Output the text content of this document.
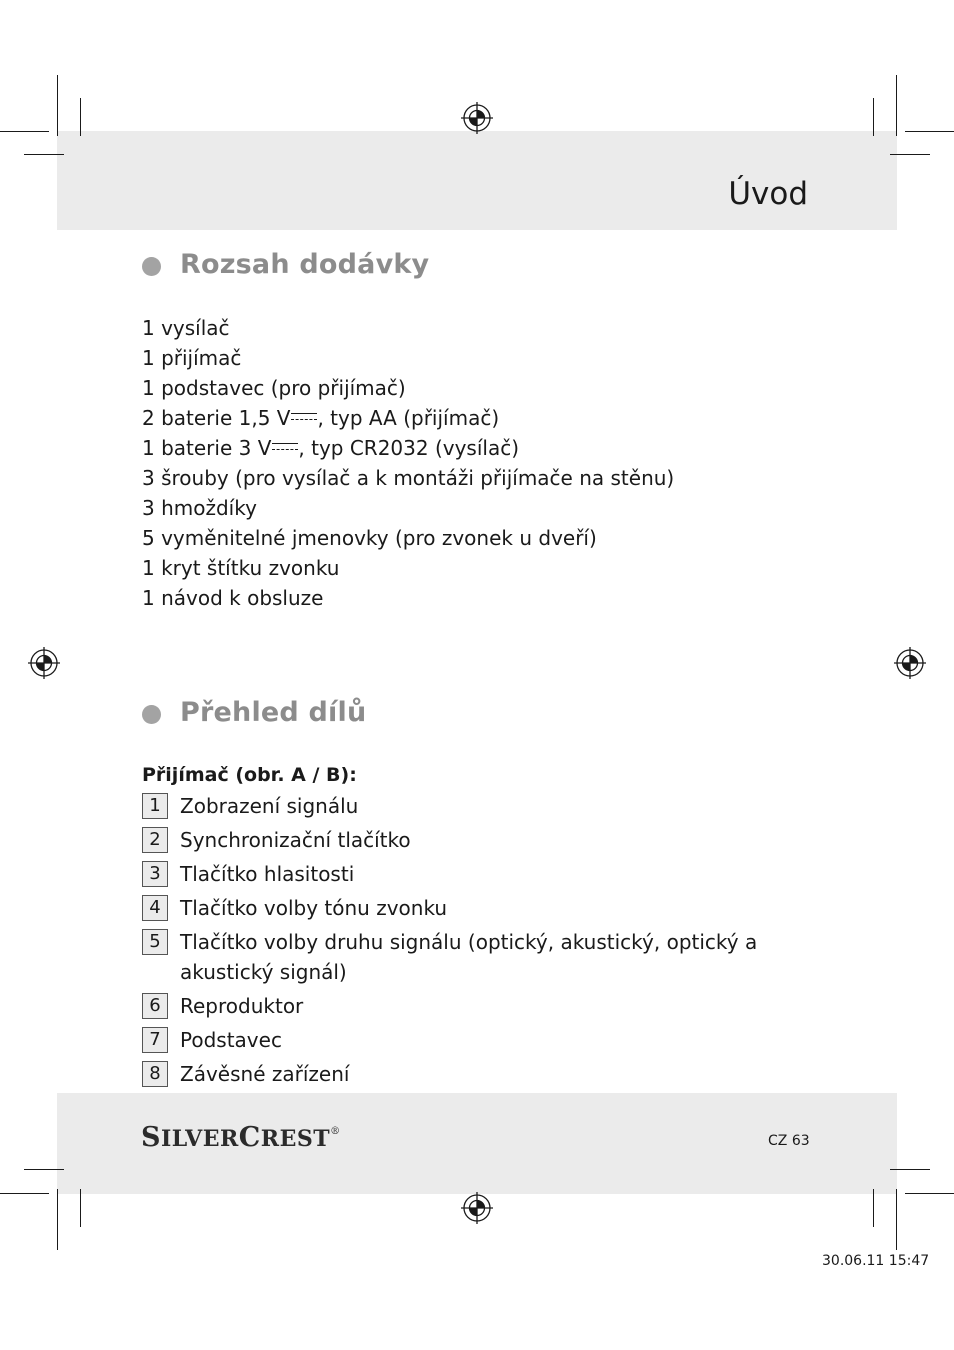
Úvod
Rozsah dodávky
1 vysílač
1 přijímač
1 podstavec (pro přijímač)
2 baterie 1,5 V , typ AA (přijímač)
1 baterie 3 V , typ CR2032 (vysílač)
3 šrouby (pro vysílač a k montáži přijímače na stěnu)
3 hmoždíky
5 vyměnitelné jmenovky (pro zvonek u dveří)
1 kryt štítku zvonku
1 návod k obsluze
Přehled dílů
Přijímač (obr. A / B):
1 Zobrazení signálu
2 Synchronizační tlačítko
3 Tlačítko hlasitosti
4 Tlačítko volby tónu zvonku
5 Tlačítko volby druhu signálu (optický, akustický, optický a akustický signál)
6 Reproduktor
7 Podstavec
8 Závěsné zařízení
SILVERCREST®
CZ 63
30.06.11 15:47
